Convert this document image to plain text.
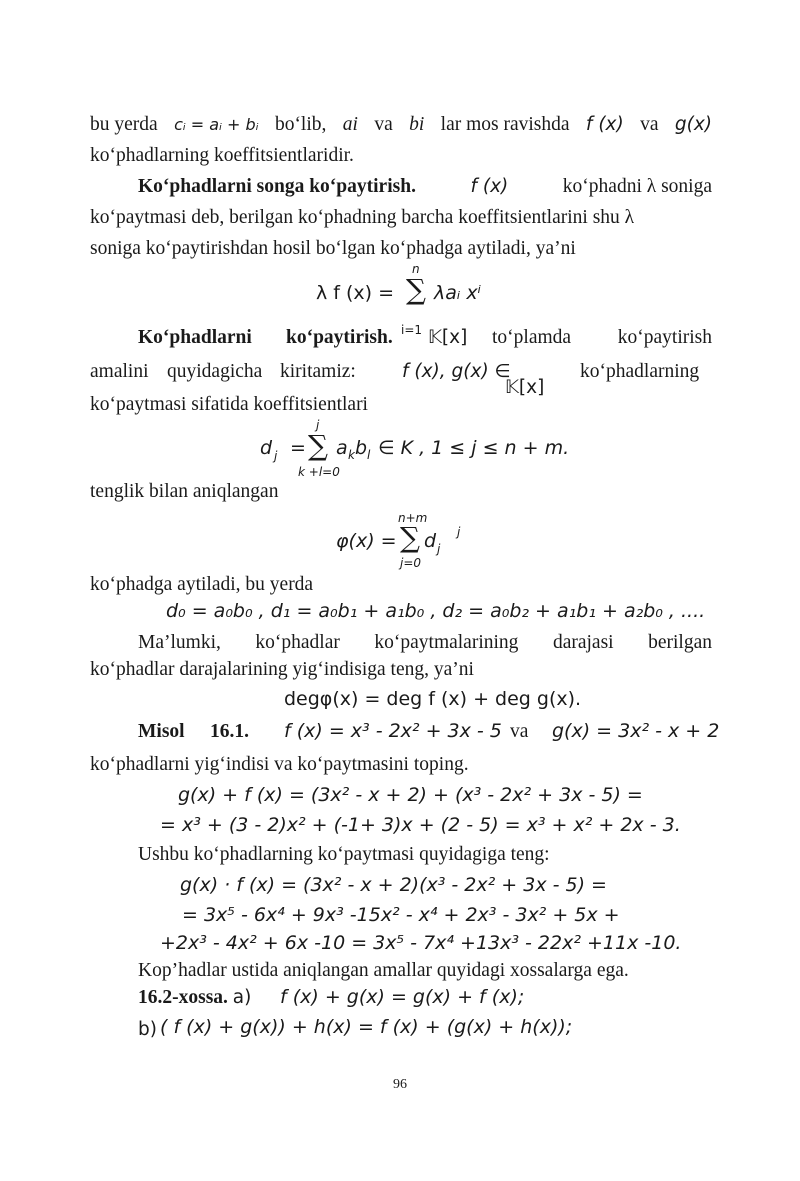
bu yerda cᵢ = aᵢ + bᵢ bo‘lib, ai va bi lar mos ravishda f (x) va g(x)
ko‘phadlarning koeffitsientlaridir.
Ko‘phadlarni songa ko‘paytirish.	f (x)	ko‘phadni λ soniga
ko‘paytmasi deb, berilgan ko‘phadning barcha koeffitsientlarini shu λ
soniga ko‘paytirishdan hosil bo‘lgan ko‘phadga aytiladi, ya’ni
λ f (x) =
n
∑ λaᵢ xⁱ
Ko‘phadlarni ko‘paytirish. i=1 𝕂[x] to‘plamda ko‘paytirish
amalini quyidagicha kiritamiz: f (x), g(x) ∈
𝕂[x]
ko‘phadlarning
ko‘paytmasi sifatida koeffitsientlari
j
d j = ∑
k +l=0
a k b l ∈ K , 1 ≤ j ≤ n + m.
tenglik bilan aniqlangan
n+m
φ(x) = ∑
j=0
d j
j
ko‘phadga aytiladi, bu yerda
d₀ = a₀b₀ , d₁ = a₀b₁ + a₁b₀ , d₂ = a₀b₂ + a₁b₁ + a₂b₀ , ....
Ma’lumki, ko‘phadlar ko‘paytmalarining darajasi berilgan
ko‘phadlar darajalarining yig‘indisiga teng, ya’ni
degφ(x) = deg f (x) + deg g(x).
Misol 16.1. f (x) = x³ - 2x² + 3x - 5 va g(x) = 3x² - x + 2
ko‘phadlarni yig‘indisi va ko‘paytmasini toping.
g(x) + f (x) = (3x² - x + 2) + (x³ - 2x² + 3x - 5) =
= x³ + (3 - 2)x² + (-1+ 3)x + (2 - 5) = x³ + x² + 2x - 3.
Ushbu ko‘phadlarning ko‘paytmasi quyidagiga teng:
g(x) · f (x) = (3x² - x + 2)(x³ - 2x² + 3x - 5) =
= 3x⁵ - 6x⁴ + 9x³ -15x² - x⁴ + 2x³ - 3x² + 5x +
+2x³ - 4x² + 6x -10 = 3x⁵ - 7x⁴ +13x³ - 22x² +11x -10.
Kop’hadlar ustida aniqlangan amallar quyidagi xossalarga ega.
16.2-xossa. a) f (x) + g(x) = g(x) + f (x);
b) ( f (x) + g(x)) + h(x) = f (x) + (g(x) + h(x));
96
